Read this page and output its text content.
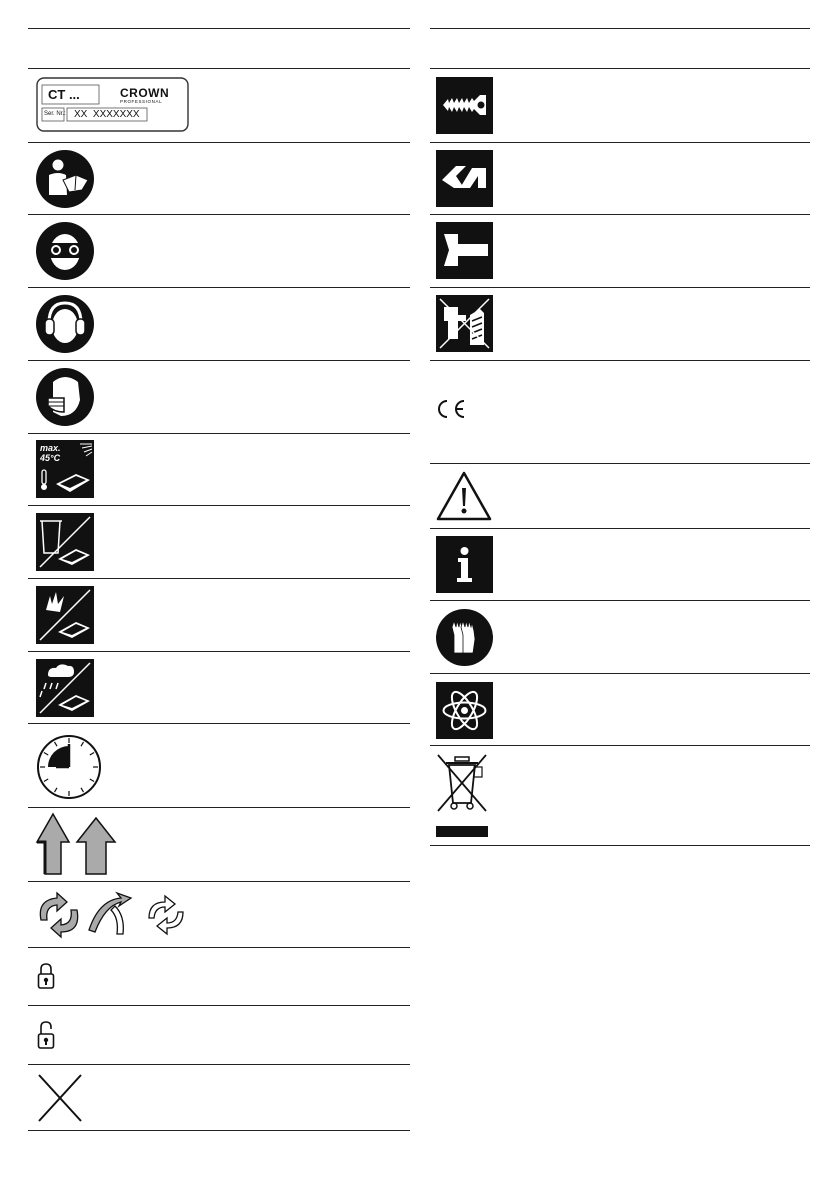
CT ...	CROWN
PROFESSIONAL
Ser. Nr.: XX  XXXXXXX
max.
45°C
